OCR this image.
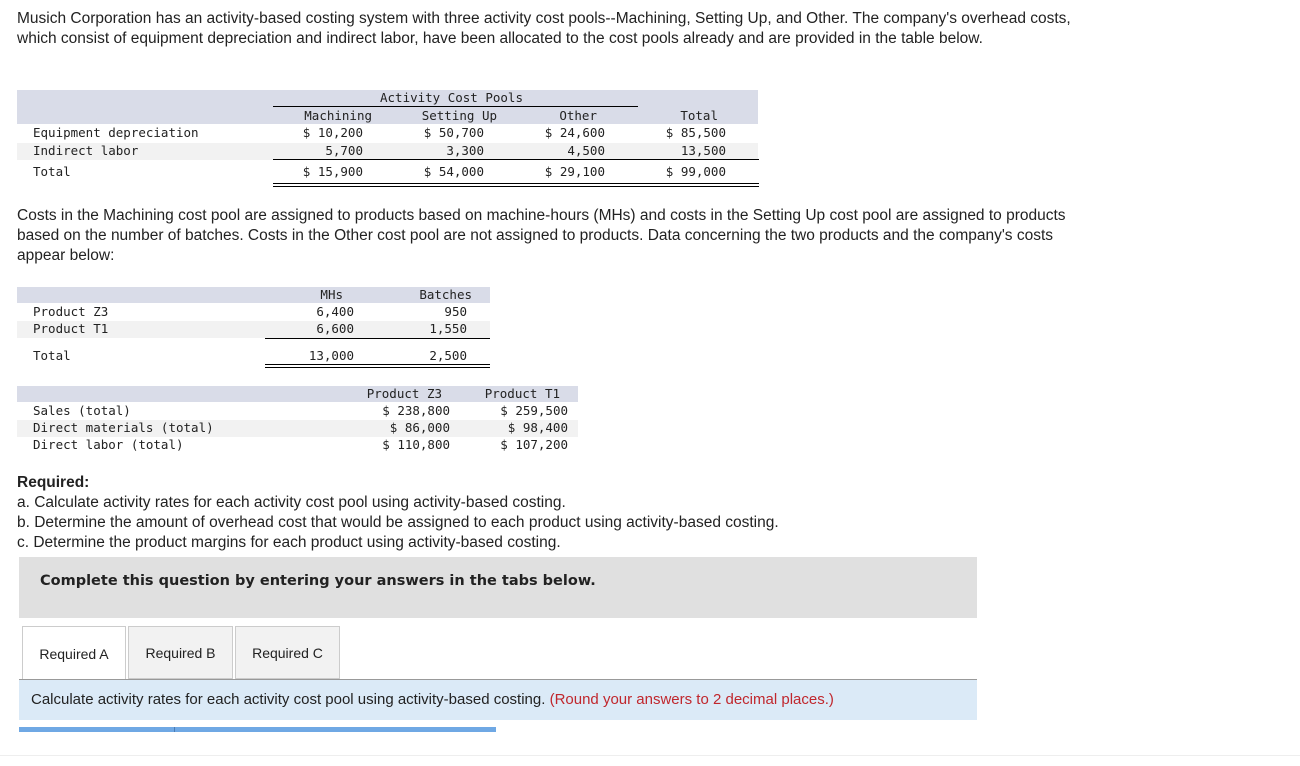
Musich Corporation has an activity-based costing system with three activity cost pools--Machining, Setting Up, and Other. The company's overhead costs, which consist of equipment depreciation and indirect labor, have been allocated to the cost pools already and are provided in the table below.

Activity Cost Pools
Machining	Setting Up	Other	Total
Equipment depreciation	$ 10,200	$ 50,700	$ 24,600	$ 85,500
Indirect labor	5,700	3,300	4,500	13,500
Total	$ 15,900	$ 54,000	$ 29,100	$ 99,000

Costs in the Machining cost pool are assigned to products based on machine-hours (MHs) and costs in the Setting Up cost pool are assigned to products based on the number of batches. Costs in the Other cost pool are not assigned to products. Data concerning the two products and the company's costs appear below:

MHs	Batches
Product Z3	6,400	950
Product T1	6,600	1,550
Total	13,000	2,500
Product Z3	Product T1
Sales (total)	$ 238,800	$ 259,500
Direct materials (total)	$ 86,000	$ 98,400
Direct labor (total)	$ 110,800	$ 107,200

Required:

a. Calculate activity rates for each activity cost pool using activity-based costing.

b. Determine the amount of overhead cost that would be assigned to each product using activity-based costing.

c. Determine the product margins for each product using activity-based costing.

Complete this question by entering your answers in the tabs below.
Required A	Required B	Required C
Calculate activity rates for each activity cost pool using activity-based costing. (Round your answers to 2 decimal places.)
